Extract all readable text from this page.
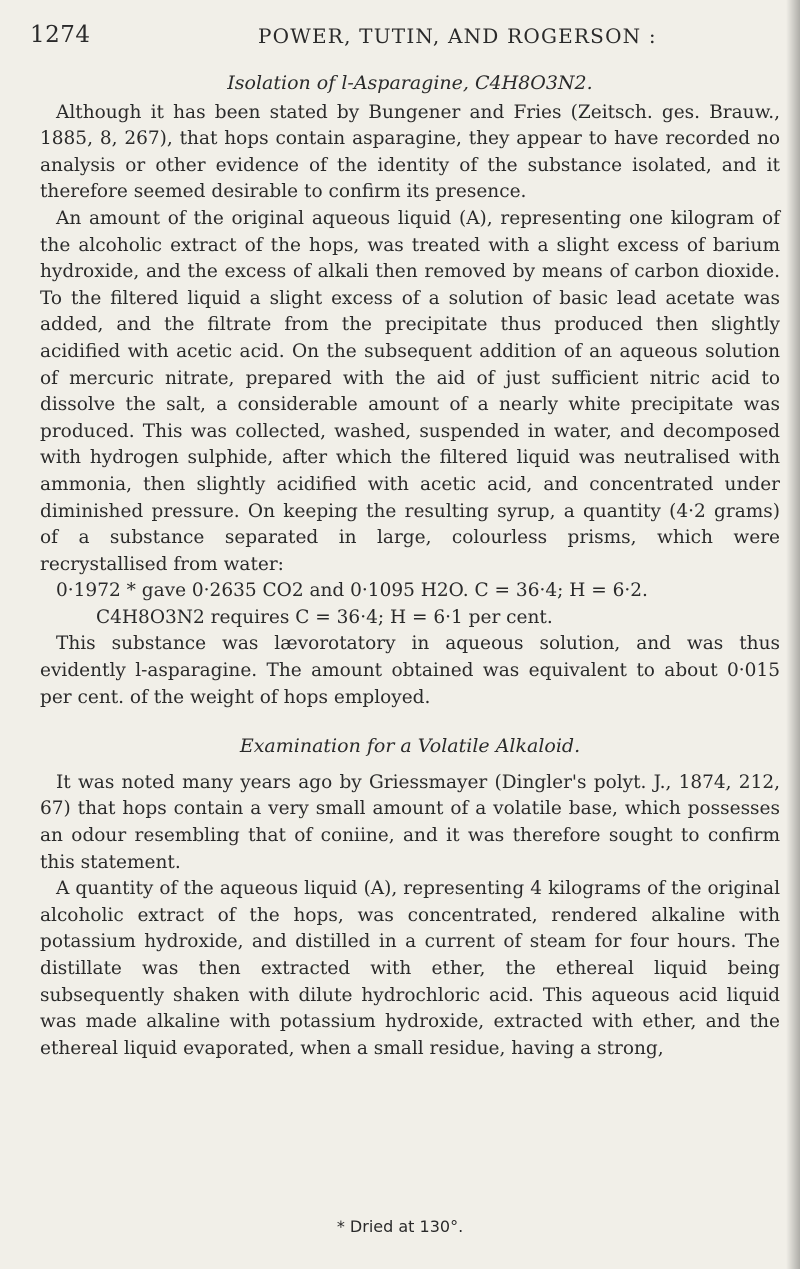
1274	POWER, TUTIN, AND ROGERSON :
Isolation of l-Asparagine, C4H8O3N2.

Although it has been stated by Bungener and Fries (Zeitsch. ges. Brauw., 1885, 8, 267), that hops contain asparagine, they appear to have recorded no analysis or other evidence of the identity of the substance isolated, and it therefore seemed desirable to confirm its presence.

An amount of the original aqueous liquid (A), representing one kilogram of the alcoholic extract of the hops, was treated with a slight excess of barium hydroxide, and the excess of alkali then removed by means of carbon dioxide. To the filtered liquid a slight excess of a solution of basic lead acetate was added, and the filtrate from the precipitate thus produced then slightly acidified with acetic acid. On the subsequent addition of an aqueous solution of mercuric nitrate, prepared with the aid of just sufficient nitric acid to dissolve the salt, a considerable amount of a nearly white precipitate was produced. This was collected, washed, suspended in water, and decomposed with hydrogen sulphide, after which the filtered liquid was neutralised with ammonia, then slightly acidified with acetic acid, and concentrated under diminished pressure. On keeping the resulting syrup, a quantity (4·2 grams) of a substance separated in large, colourless prisms, which were recrystallised from water:

0·1972 * gave 0·2635 CO2 and 0·1095 H2O. C = 36·4; H = 6·2.

C4H8O3N2 requires C = 36·4; H = 6·1 per cent.

This substance was lævorotatory in aqueous solution, and was thus evidently l-asparagine. The amount obtained was equivalent to about 0·015 per cent. of the weight of hops employed.

Examination for a Volatile Alkaloid.

It was noted many years ago by Griessmayer (Dingler's polyt. J., 1874, 212, 67) that hops contain a very small amount of a volatile base, which possesses an odour resembling that of coniine, and it was therefore sought to confirm this statement.

A quantity of the aqueous liquid (A), representing 4 kilograms of the original alcoholic extract of the hops, was concentrated, rendered alkaline with potassium hydroxide, and distilled in a current of steam for four hours. The distillate was then extracted with ether, the ethereal liquid being subsequently shaken with dilute hydrochloric acid. This aqueous acid liquid was made alkaline with potassium hydroxide, extracted with ether, and the ethereal liquid evaporated, when a small residue, having a strong,

* Dried at 130°.
